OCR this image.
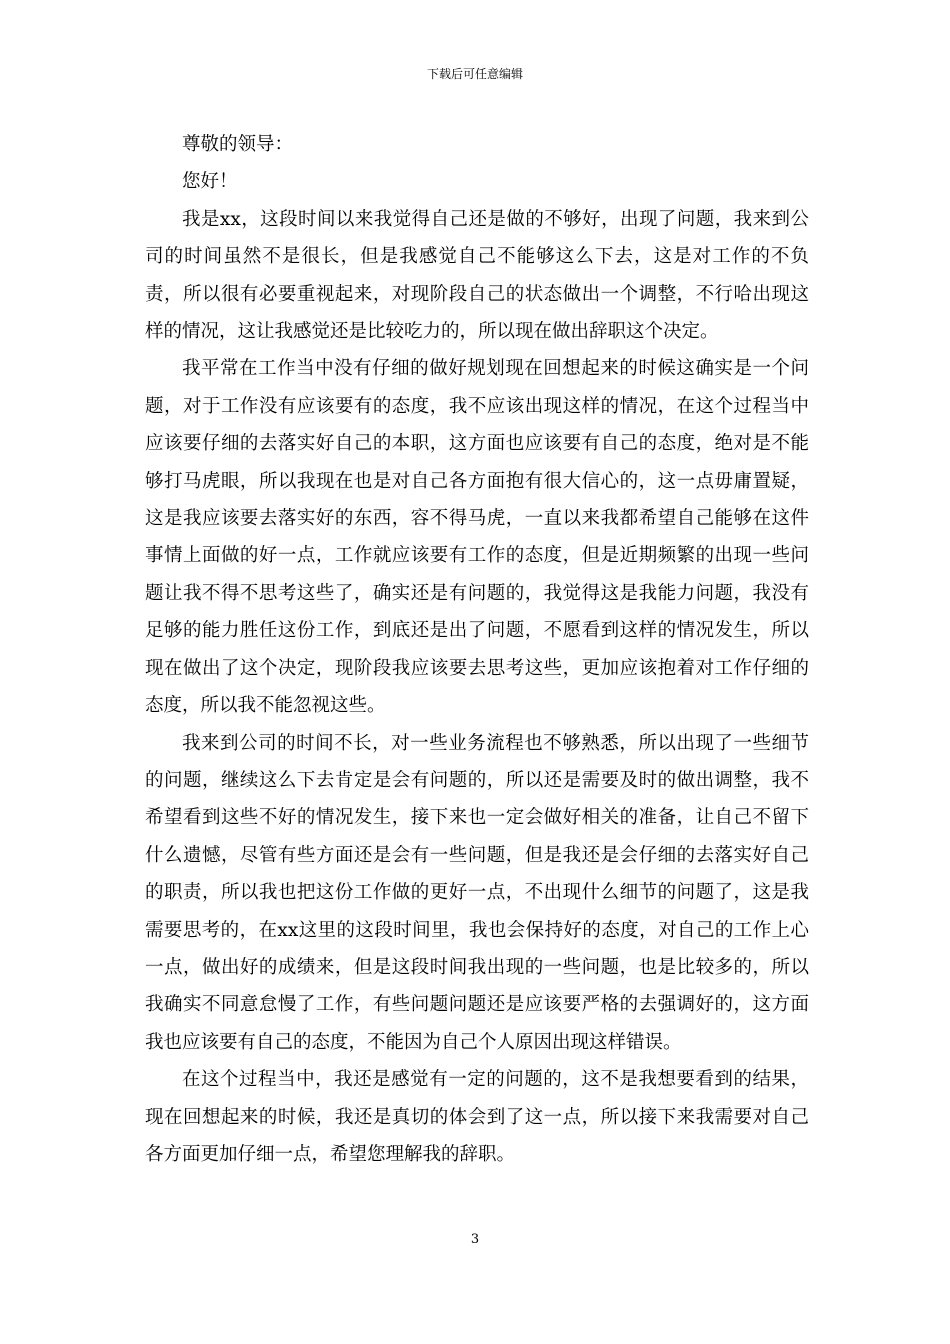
下载后可任意编辑

尊敬的领导：

您好！

我是xx，这段时间以来我觉得自己还是做的不够好，出现了问题，我来到公司的时间虽然不是很长，但是我感觉自己不能够这么下去，这是对工作的不负责，所以很有必要重视起来，对现阶段自己的状态做出一个调整，不行哈出现这样的情况，这让我感觉还是比较吃力的，所以现在做出辞职这个决定。

我平常在工作当中没有仔细的做好规划现在回想起来的时候这确实是一个问题，对于工作没有应该要有的态度，我不应该出现这样的情况，在这个过程当中应该要仔细的去落实好自己的本职，这方面也应该要有自己的态度，绝对是不能够打马虎眼，所以我现在也是对自己各方面抱有很大信心的，这一点毋庸置疑，这是我应该要去落实好的东西，容不得马虎，一直以来我都希望自己能够在这件事情上面做的好一点，工作就应该要有工作的态度，但是近期频繁的出现一些问题让我不得不思考这些了，确实还是有问题的，我觉得这是我能力问题，我没有足够的能力胜任这份工作，到底还是出了问题，不愿看到这样的情况发生，所以现在做出了这个决定，现阶段我应该要去思考这些，更加应该抱着对工作仔细的态度，所以我不能忽视这些。

我来到公司的时间不长，对一些业务流程也不够熟悉，所以出现了一些细节的问题，继续这么下去肯定是会有问题的，所以还是需要及时的做出调整，我不希望看到这些不好的情况发生，接下来也一定会做好相关的准备，让自己不留下什么遗憾，尽管有些方面还是会有一些问题，但是我还是会仔细的去落实好自己的职责，所以我也把这份工作做的更好一点，不出现什么细节的问题了，这是我需要思考的，在xx这里的这段时间里，我也会保持好的态度，对自己的工作上心一点，做出好的成绩来，但是这段时间我出现的一些问题，也是比较多的，所以我确实不同意怠慢了工作，有些问题问题还是应该要严格的去强调好的，这方面我也应该要有自己的态度，不能因为自己个人原因出现这样错误。

在这个过程当中，我还是感觉有一定的问题的，这不是我想要看到的结果，现在回想起来的时候，我还是真切的体会到了这一点，所以接下来我需要对自己各方面更加仔细一点，希望您理解我的辞职。

3
